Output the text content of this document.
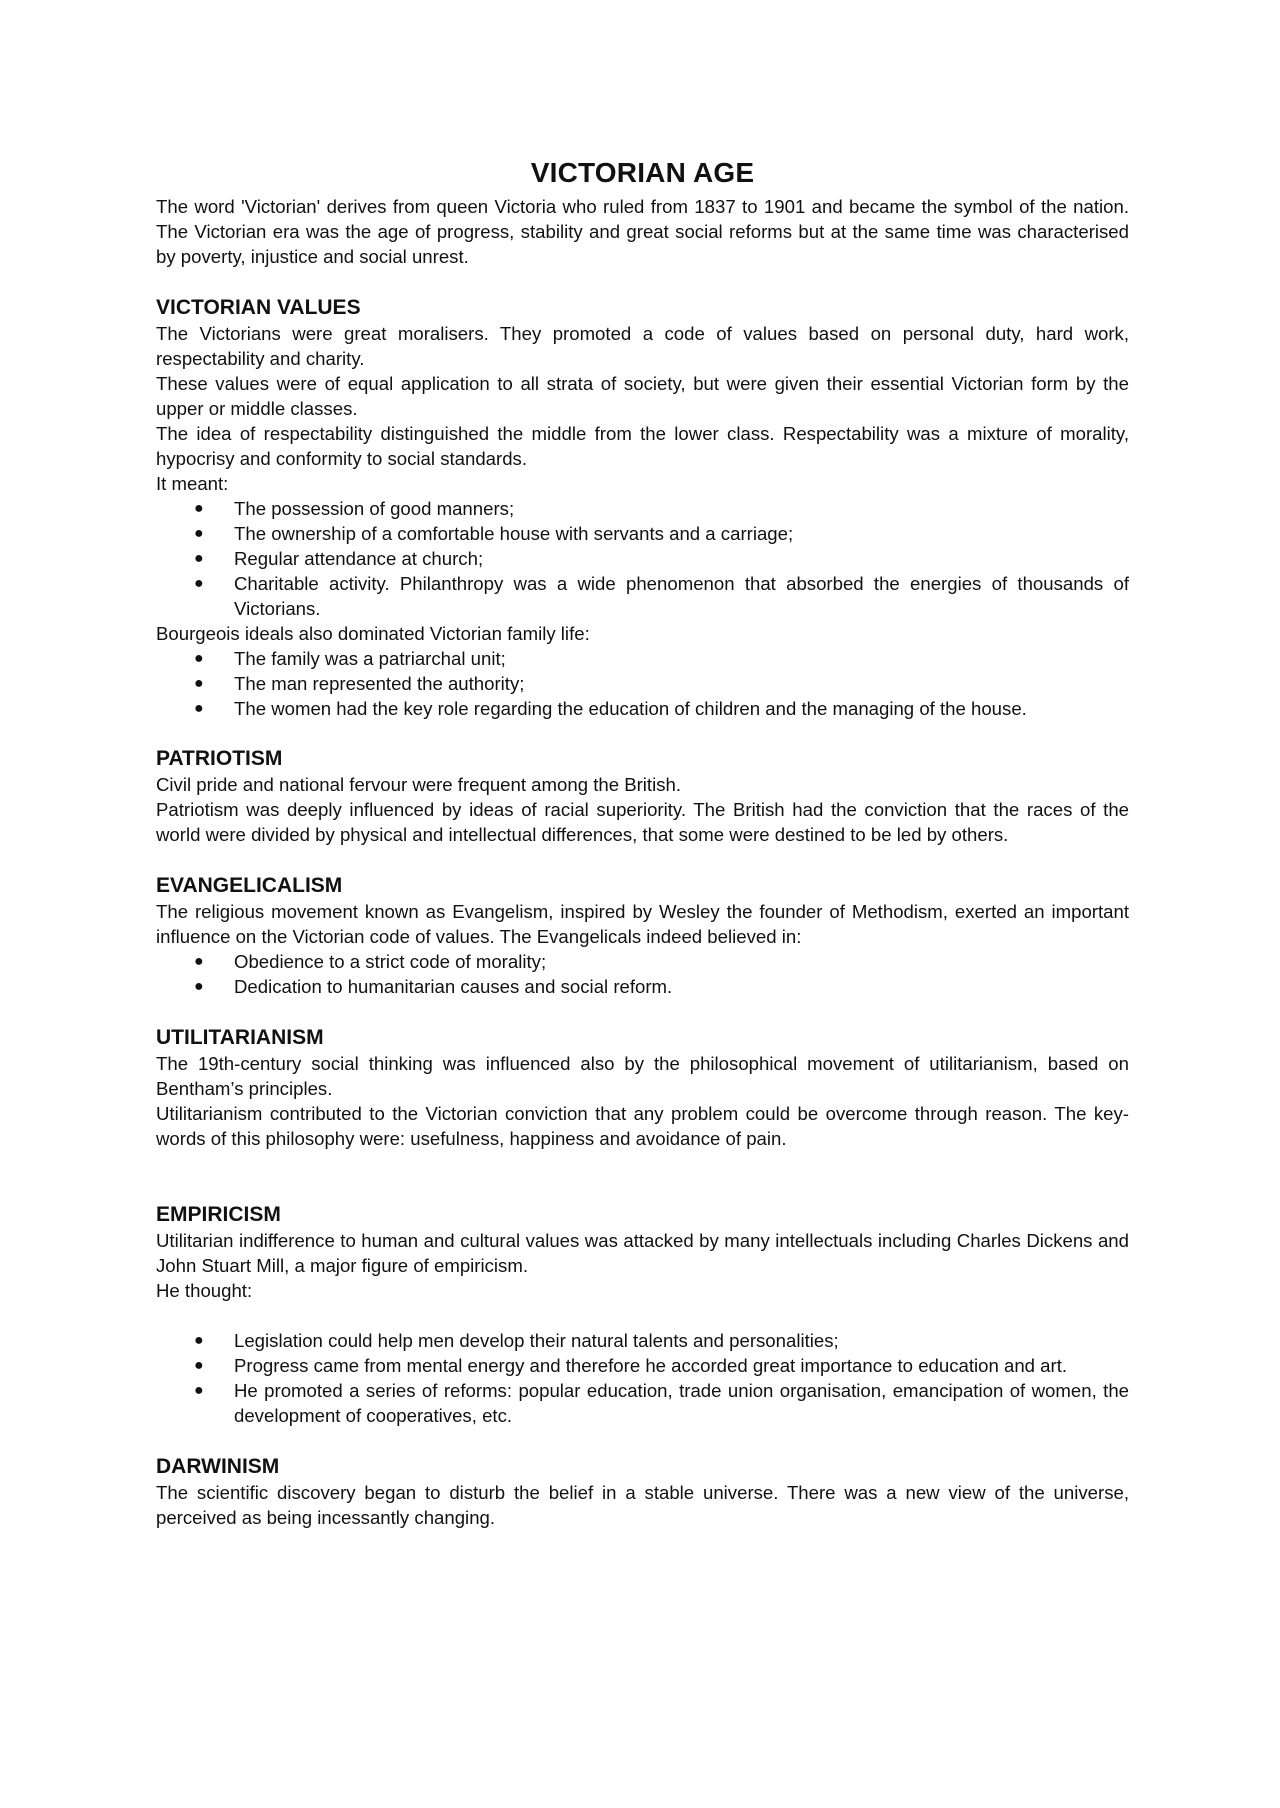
VICTORIAN AGE

The word 'Victorian' derives from queen Victoria who ruled from 1837 to 1901 and became the symbol of the nation. The Victorian era was the age of progress, stability and great social reforms but at the same time was characterised by poverty, injustice and social unrest.

VICTORIAN VALUES

The Victorians were great moralisers. They promoted a code of values based on personal duty, hard work, respectability and charity.

These values were of equal application to all strata of society, but were given their essential Victorian form by the upper or middle classes.

The idea of respectability distinguished the middle from the lower class. Respectability was a mixture of morality, hypocrisy and conformity to social standards.

It meant:

● The possession of good manners;
● The ownership of a comfortable house with servants and a carriage;
● Regular attendance at church;
● Charitable activity. Philanthropy was a wide phenomenon that absorbed the energies of thousands of Victorians.

Bourgeois ideals also dominated Victorian family life:

● The family was a patriarchal unit;
● The man represented the authority;
● The women had the key role regarding the education of children and the managing of the house.
PATRIOTISM

Civil pride and national fervour were frequent among the British.

Patriotism was deeply influenced by ideas of racial superiority. The British had the conviction that the races of the world were divided by physical and intellectual differences, that some were destined to be led by others.

EVANGELICALISM

The religious movement known as Evangelism, inspired by Wesley the founder of Methodism, exerted an important influence on the Victorian code of values. The Evangelicals indeed believed in:

● Obedience to a strict code of morality;
● Dedication to humanitarian causes and social reform.
UTILITARIANISM

The 19th-century social thinking was influenced also by the philosophical movement of utilitarianism, based on Bentham’s principles.

Utilitarianism contributed to the Victorian conviction that any problem could be overcome through reason. The key-words of this philosophy were: usefulness, happiness and avoidance of pain.

EMPIRICISM

Utilitarian indifference to human and cultural values was attacked by many intellectuals including Charles Dickens and John Stuart Mill, a major figure of empiricism.

He thought:

● Legislation could help men develop their natural talents and personalities;
● Progress came from mental energy and therefore he accorded great importance to education and art.
● He promoted a series of reforms: popular education, trade union organisation, emancipation of women, the development of cooperatives, etc.
DARWINISM

The scientific discovery began to disturb the belief in a stable universe. There was a new view of the universe, perceived as being incessantly changing.
